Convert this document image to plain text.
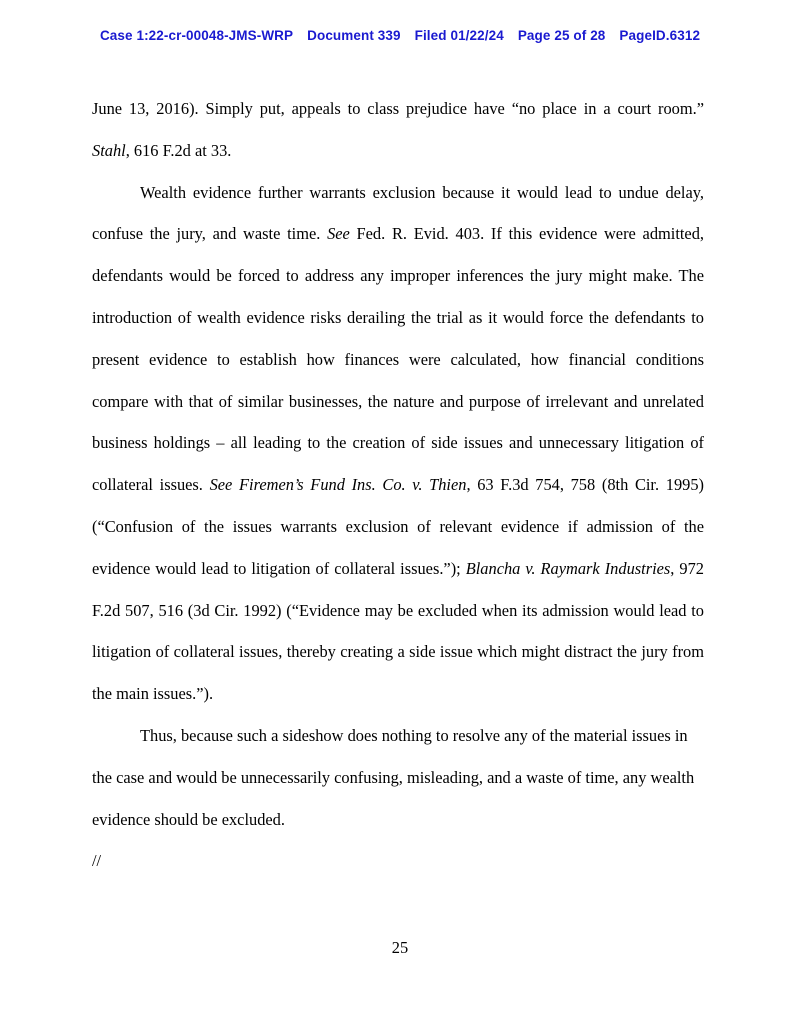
Case 1:22-cr-00048-JMS-WRP Document 339 Filed 01/22/24 Page 25 of 28 PageID.6312

June 13, 2016). Simply put, appeals to class prejudice have “no place in a court room.” Stahl, 616 F.2d at 33.

Wealth evidence further warrants exclusion because it would lead to undue delay, confuse the jury, and waste time. See Fed. R. Evid. 403. If this evidence were admitted, defendants would be forced to address any improper inferences the jury might make. The introduction of wealth evidence risks derailing the trial as it would force the defendants to present evidence to establish how finances were calculated, how financial conditions compare with that of similar businesses, the nature and purpose of irrelevant and unrelated business holdings – all leading to the creation of side issues and unnecessary litigation of collateral issues. See Firemen’s Fund Ins. Co. v. Thien, 63 F.3d 754, 758 (8th Cir. 1995) (“Confusion of the issues warrants exclusion of relevant evidence if admission of the evidence would lead to litigation of collateral issues.”); Blancha v. Raymark Industries, 972 F.2d 507, 516 (3d Cir. 1992) (“Evidence may be excluded when its admission would lead to litigation of collateral issues, thereby creating a side issue which might distract the jury from the main issues.”).

Thus, because such a sideshow does nothing to resolve any of the material issues in the case and would be unnecessarily confusing, misleading, and a waste of time, any wealth evidence should be excluded.

//

25
